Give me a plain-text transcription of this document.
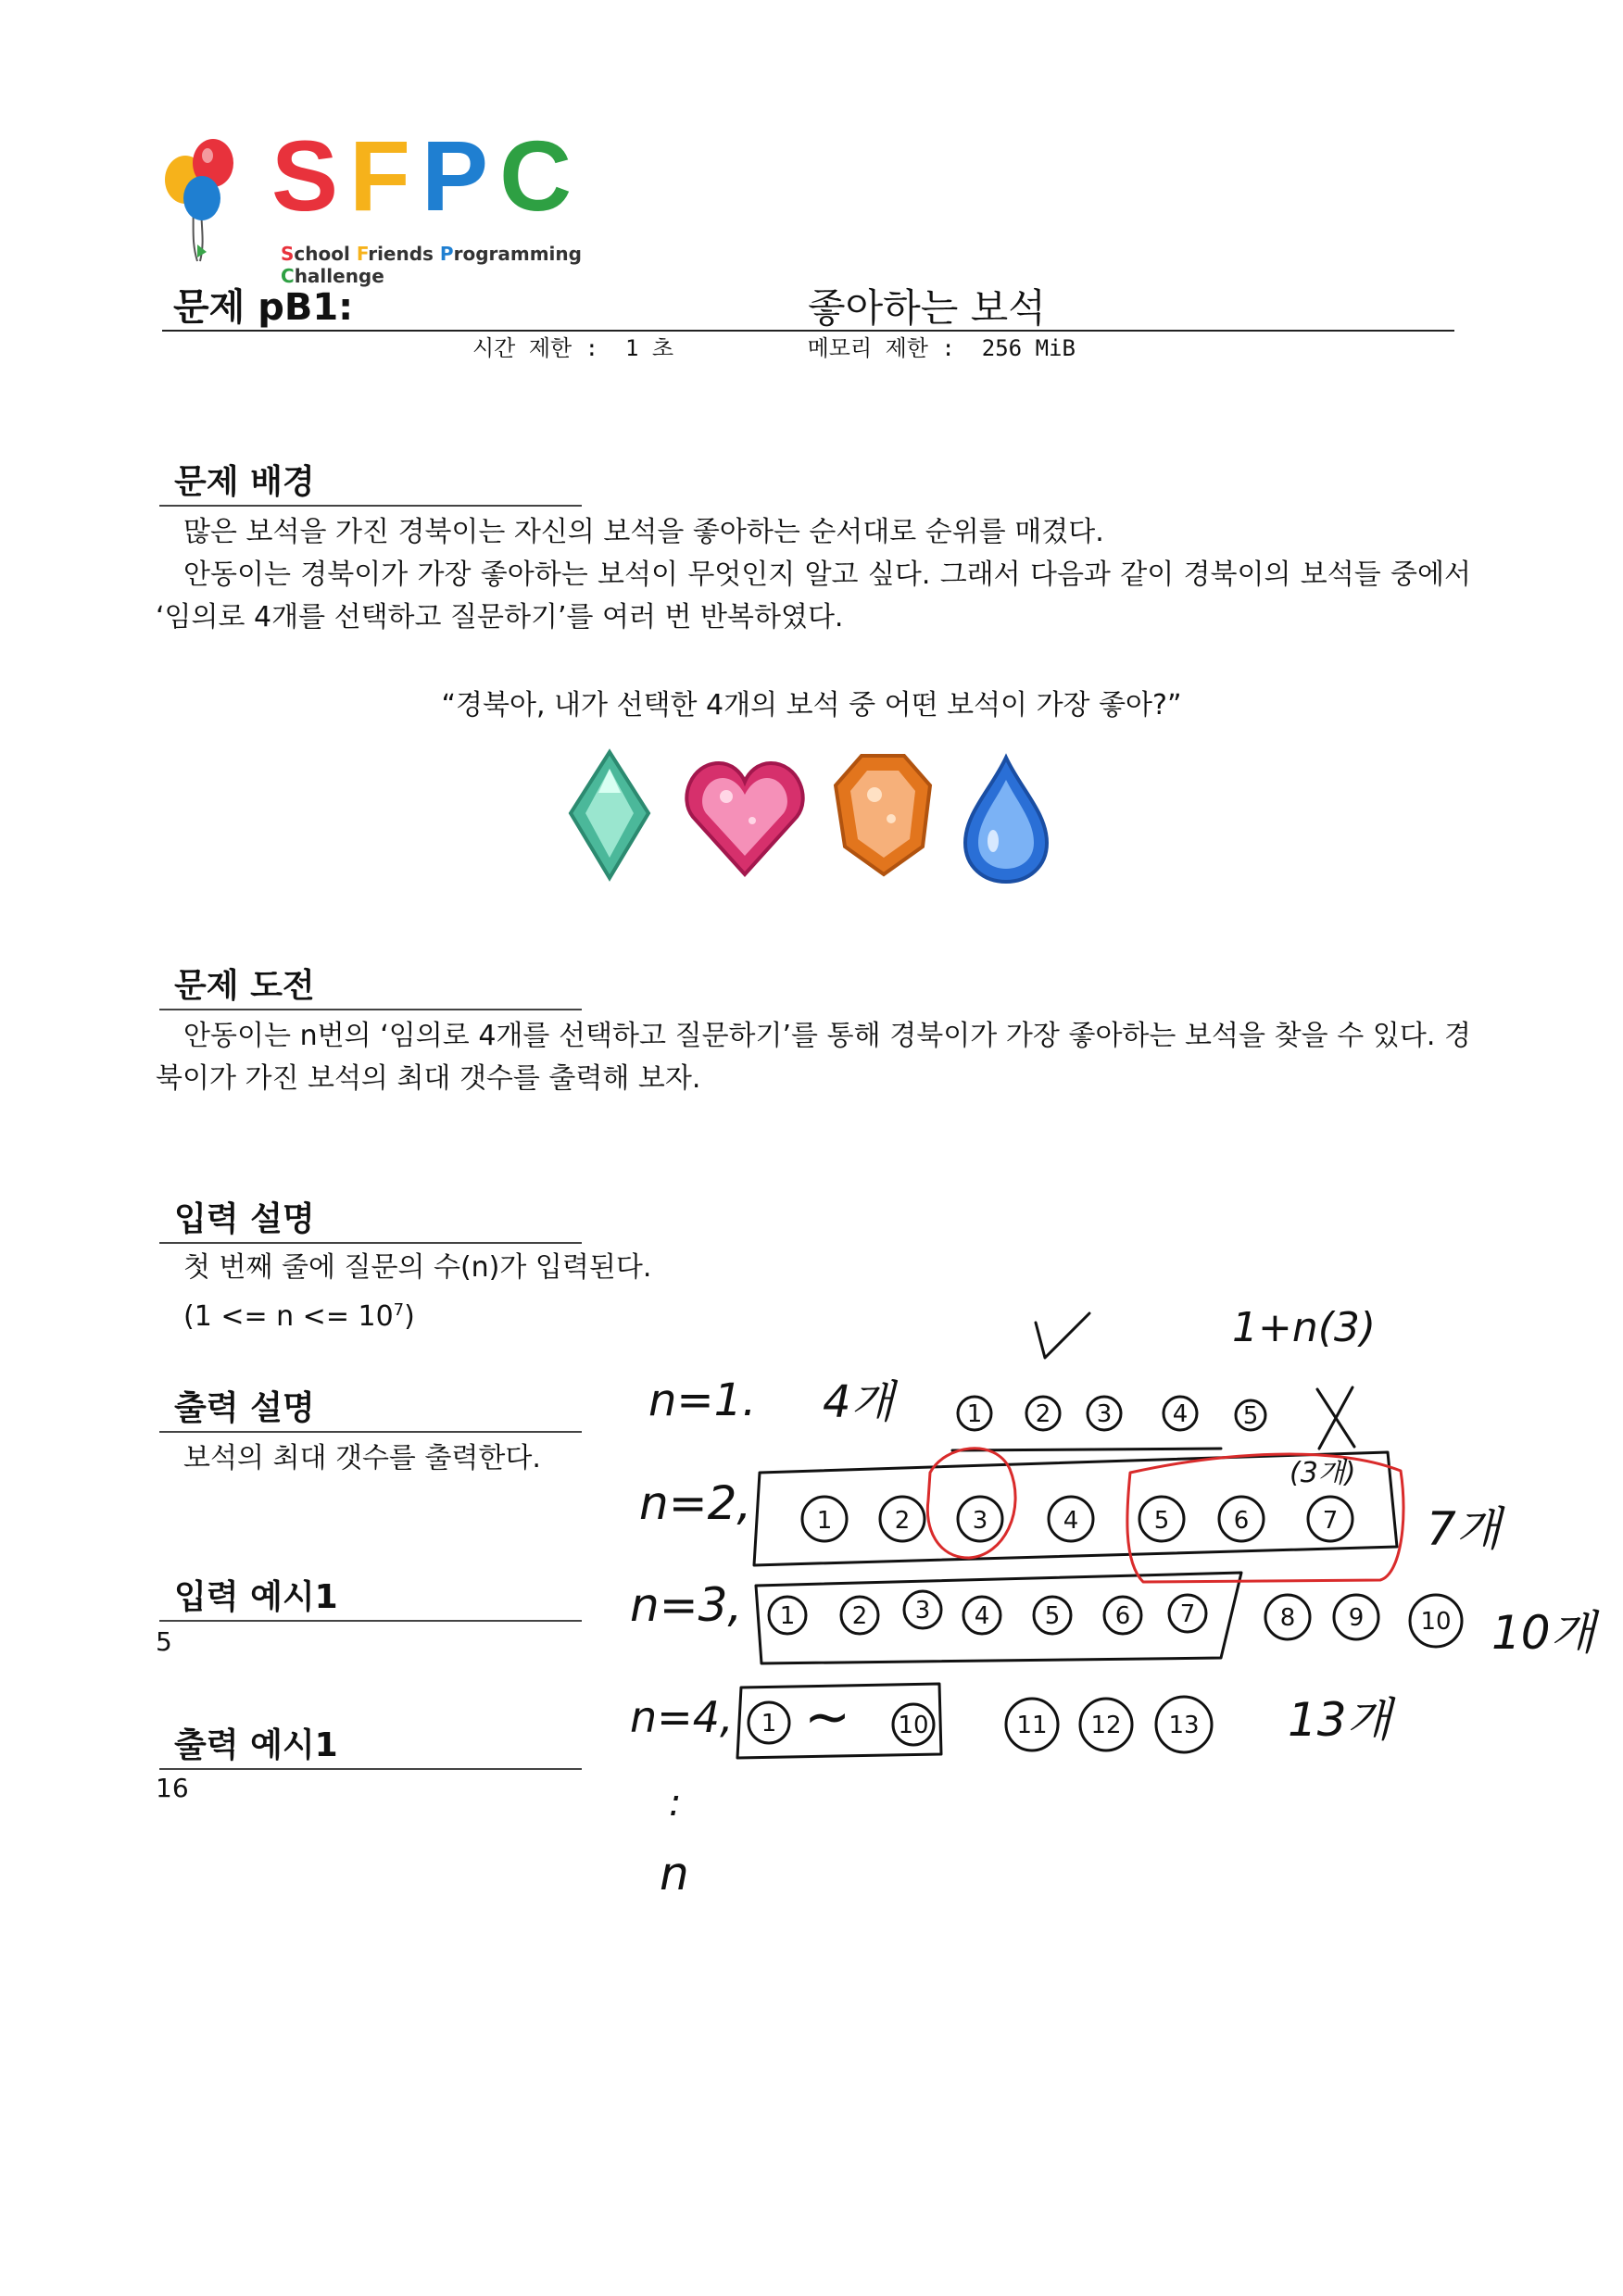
SFPC
School Friends Programming Challenge
문제 pB1:	좋아하는 보석
시간 제한 : 1 초	메모리 제한 : 256 MiB
문제 배경

많은 보석을 가진 경북이는 자신의 보석을 좋아하는 순서대로 순위를 매겼다.

안동이는 경북이가 가장 좋아하는 보석이 무엇인지 알고 싶다. 그래서 다음과 같이 경북이의 보석들 중에서 ‘임의로 4개를 선택하고 질문하기’를 여러 번 반복하였다.

“경북아, 내가 선택한 4개의 보석 중 어떤 보석이 가장 좋아?”
문제 도전

안동이는 n번의 ‘임의로 4개를 선택하고 질문하기’를 통해 경북이가 가장 좋아하는 보석을 찾을 수 있다. 경북이가 가진 보석의 최대 갯수를 출력해 보자.

입력 설명

첫 번째 줄에 질문의 수(n)가 입력된다.

$(1 <= n <= 10^7)$

출력 설명

보석의 최대 갯수를 출력한다.

입력 예시1
5
출력 예시1
16
1+n(3)
n=1. 4개
n=2,
(3개)
7개
n=3,
10개
n=4, ~	13개
:
n
1 2 3	4 5
1	2	3	4	5	6	7
1 2 3 4 5 6 7	8 9 10
1	10	11 12 13
